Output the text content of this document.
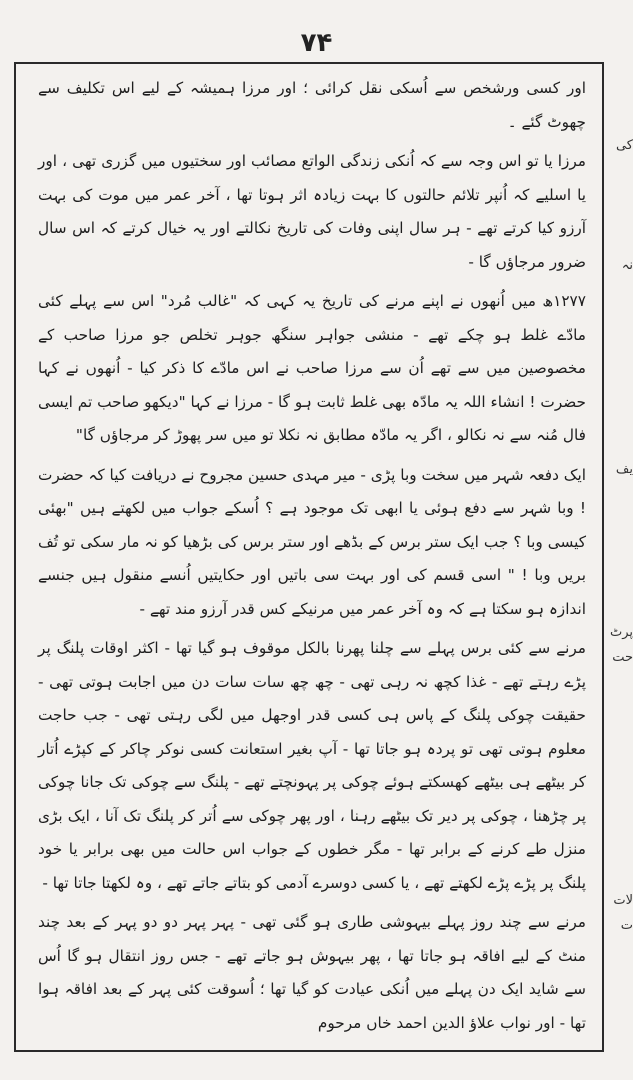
۷۴

اور کسی ورشخص سے اُسکی نقل کرائی ؛ اور مرزا ہمیشہ کے لیے اس تکلیف سے چھوٹ گئے ۔

مرزا یا تو اس وجہ سے کہ اُنکی زندگی الواتع مصائب اور سختیوں میں گزری تھی ، اور یا اسلیے کہ اُنپر تلائم حالتوں کا بہت زیادہ اثر ہوتا تھا ، آخر عمر میں موت کی بہت آرزو کیا کرتے تھے - ہر سال اپنی وفات کی تاریخ نکالتے اور یہ خیال کرتے کہ اس سال ضرور مرجاؤں گا -

۱۲۷۷ھ میں اُنھوں نے اپنے مرنے کی تاریخ یہ کہی کہ "غالب مُرد" اس سے پہلے کئی مادّے غلط ہو چکے تھے - منشی جواہر سنگھ جوہر تخلص جو مرزا صاحب کے مخصوصین میں سے تھے اُن سے مرزا صاحب نے اس مادّے کا ذکر کیا - اُنھوں نے کہا حضرت ! انشاء اللہ یہ مادّہ بھی غلط ثابت ہو گا - مرزا نے کہا "دیکھو صاحب تم ایسی فال مُنہ سے نہ نکالو ، اگر یہ مادّہ مطابق نہ نکلا تو میں سر پھوڑ کر مرجاؤں گا"

ایک دفعہ شہر میں سخت وبا پڑی - میر مہدی حسین مجروح نے دریافت کیا کہ حضرت ! وبا شہر سے دفع ہوئی یا ابھی تک موجود ہے ؟ اُسکے جواب میں لکھتے ہیں "بھئی کیسی وبا ؟ جب ایک ستر برس کے بڈھے اور ستر برس کی بڑھیا کو نہ مار سکی تو تُف بریں وبا ! " اسی قسم کی اور بہت سی باتیں اور حکایتیں اُنسے منقول ہیں جنسے اندازہ ہو سکتا ہے کہ وہ آخر عمر میں مرنیکے کس قدر آرزو مند تھے -

مرنے سے کئی برس پہلے سے چلنا پھرنا بالکل موقوف ہو گیا تھا - اکثر اوقات پلنگ پر پڑے رہتے تھے - غذا کچھ نہ رہی تھی - چھ چھ سات سات دن میں اجابت ہوتی تھی - حقیقت چوکی پلنگ کے پاس ہی کسی قدر اوجھل میں لگی رہتی تھی - جب حاجت معلوم ہوتی تھی تو پردہ ہو جاتا تھا - آپ بغیر استعانت کسی نوکر چاکر کے کپڑے اُتار کر بیٹھے ہی بیٹھے کھسکتے ہوئے چوکی پر پہونچتے تھے - پلنگ سے چوکی تک جانا چوکی پر چڑھنا ، چوکی پر دیر تک بیٹھے رہنا ، اور پھر چوکی سے اُتر کر پلنگ تک آنا ، ایک بڑی منزل طے کرنے کے برابر تھا - مگر خطوں کے جواب اس حالت میں بھی برابر یا خود پلنگ پر پڑے پڑے لکھتے تھے ، یا کسی دوسرے آدمی کو بتاتے جاتے تھے ، وہ لکھتا جاتا تھا -

مرنے سے چند روز پہلے بیہوشی طاری ہو گئی تھی - پہر پہر دو دو پہر کے بعد چند منٹ کے لیے افاقہ ہو جاتا تھا ، پھر بیہوش ہو جاتے تھے - جس روز انتقال ہو گا اُس سے شاید ایک دن پہلے میں اُنکی عیادت کو گیا تھا ؛ اُسوقت کئی پہر کے بعد افاقہ ہوا تھا - اور نواب علاؤ الدین احمد خاں مرحوم

کی
نہ
یف
پرٹ
حت
لات
ت
